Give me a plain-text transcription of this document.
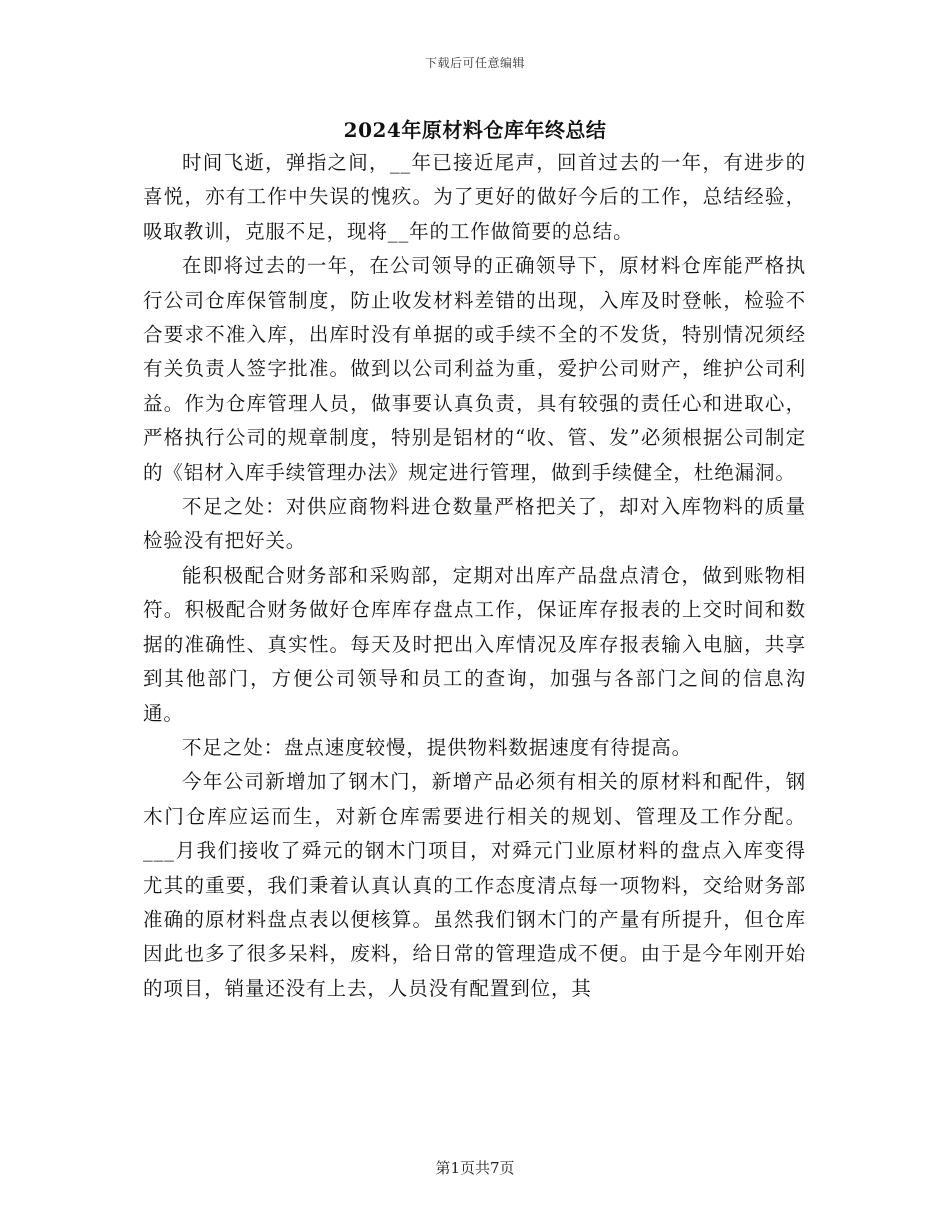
下载后可任意编辑
2024年原材料仓库年终总结

时间飞逝，弹指之间，__年已接近尾声，回首过去的一年，有进步的喜悦，亦有工作中失误的愧疚。为了更好的做好今后的工作，总结经验，吸取教训，克服不足，现将__年的工作做简要的总结。

在即将过去的一年，在公司领导的正确领导下，原材料仓库能严格执行公司仓库保管制度，防止收发材料差错的出现，入库及时登帐，检验不合要求不准入库，出库时没有单据的或手续不全的不发货，特别情况须经有关负责人签字批准。做到以公司利益为重，爱护公司财产，维护公司利益。作为仓库管理人员，做事要认真负责，具有较强的责任心和进取心，严格执行公司的规章制度，特别是铝材的“收、管、发”必须根据公司制定的《铝材入库手续管理办法》规定进行管理，做到手续健全，杜绝漏洞。

不足之处：对供应商物料进仓数量严格把关了，却对入库物料的质量检验没有把好关。

能积极配合财务部和采购部，定期对出库产品盘点清仓，做到账物相符。积极配合财务做好仓库库存盘点工作，保证库存报表的上交时间和数据的准确性、真实性。每天及时把出入库情况及库存报表输入电脑，共享到其他部门，方便公司领导和员工的查询，加强与各部门之间的信息沟通。

不足之处：盘点速度较慢，提供物料数据速度有待提高。

今年公司新增加了钢木门，新增产品必须有相关的原材料和配件，钢木门仓库应运而生，对新仓库需要进行相关的规划、管理及工作分配。___月我们接收了舜元的钢木门项目，对舜元门业原材料的盘点入库变得尤其的重要，我们秉着认真认真的工作态度清点每一项物料，交给财务部准确的原材料盘点表以便核算。虽然我们钢木门的产量有所提升，但仓库因此也多了很多呆料，废料，给日常的管理造成不便。由于是今年刚开始的项目，销量还没有上去，人员没有配置到位，其

第1页共7页
